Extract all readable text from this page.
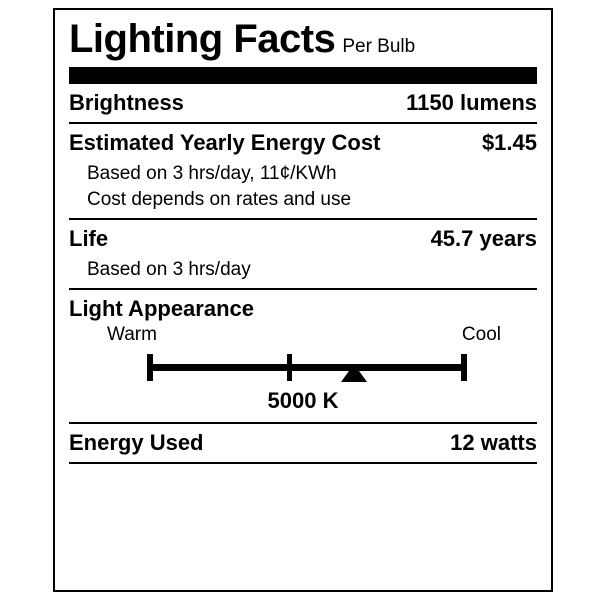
Lighting Facts Per Bulb
Brightness	1150 lumens
Estimated Yearly Energy Cost	$1.45
Based on 3 hrs/day, 11¢/KWh
Cost depends on rates and use
Life	45.7 years
Based on 3 hrs/day
Light Appearance
Warm	Cool
5000 K
Energy Used	12 watts
